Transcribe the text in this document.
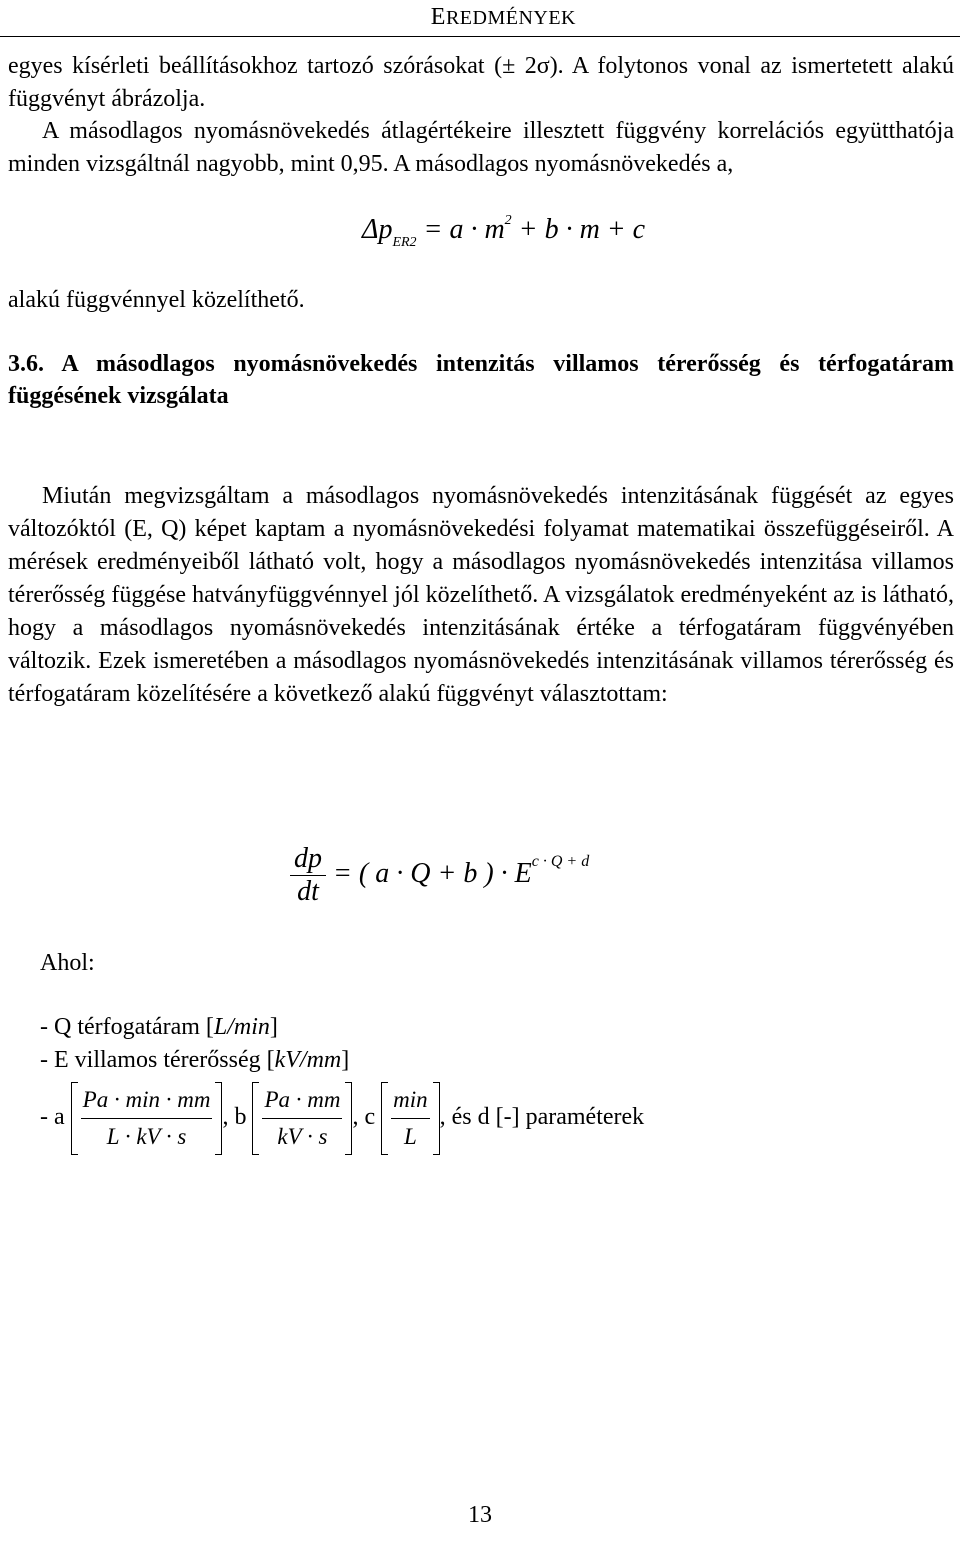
EREDMÉNYEK

egyes kísérleti beállításokhoz tartozó szórásokat (± 2σ). A folytonos vonal az ismertetett alakú függvényt ábrázolja.

A másodlagos nyomásnövekedés átlagértékeire illesztett függvény korrelációs együtthatója minden vizsgáltnál nagyobb, mint 0,95. A másodlagos nyomásnövekedés a,

$\Delta p_{ER2} = a \cdot m^2 + b \cdot m + c$
alakú függvénnyel közelíthető.
3.6. A másodlagos nyomásnövekedés intenzitás villamos térerősség és térfogatáram függésének vizsgálata
Miután megvizsgáltam a másodlagos nyomásnövekedés intenzitásának függését az egyes változóktól (E, Q) képet kaptam a nyomásnövekedési folyamat matematikai összefüggéseiről. A mérések eredményeiből látható volt, hogy a másodlagos nyomásnövekedés intenzitása villamos térerősség függése hatványfüggvénnyel jól közelíthető. A vizsgálatok eredményeként az is látható, hogy a másodlagos nyomásnövekedés intenzitásának értéke a térfogatáram függvényében változik. Ezek ismeretében a másodlagos nyomásnövekedés intenzitásának villamos térerősség és térfogatáram közelítésére a következő alakú függvényt választottam:
$\frac{dp}{dt}$ = ( a · Q + b ) · $E^{c \cdot Q + d}$
Ahol:
- Q térfogatáram [L/min]
- E villamos térerősség [kV/mm]
- a $\frac{Pa \cdot \min \cdot mm}{L \cdot kV \cdot s}$ , b $\frac{Pa \cdot mm}{kV \cdot s}$ , c $\frac{\min}{L}$ , és d [-] paraméterek
13
